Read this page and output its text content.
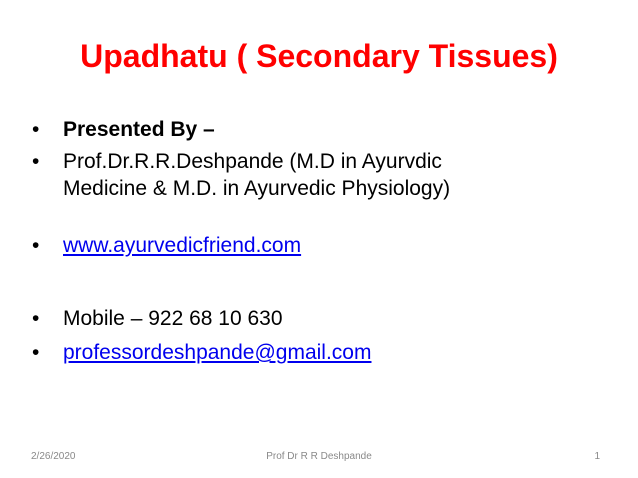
Upadhatu ( Secondary Tissues)
•	Presented By –
•	Prof.Dr.R.R.Deshpande (M.D in Ayurvdic
Medicine & M.D. in Ayurvedic Physiology)
•	www.ayurvedicfriend.com
•	Mobile – 922 68 10 630
•	professordeshpande@gmail.com
2/26/2020	Prof Dr R R Deshpande	1
